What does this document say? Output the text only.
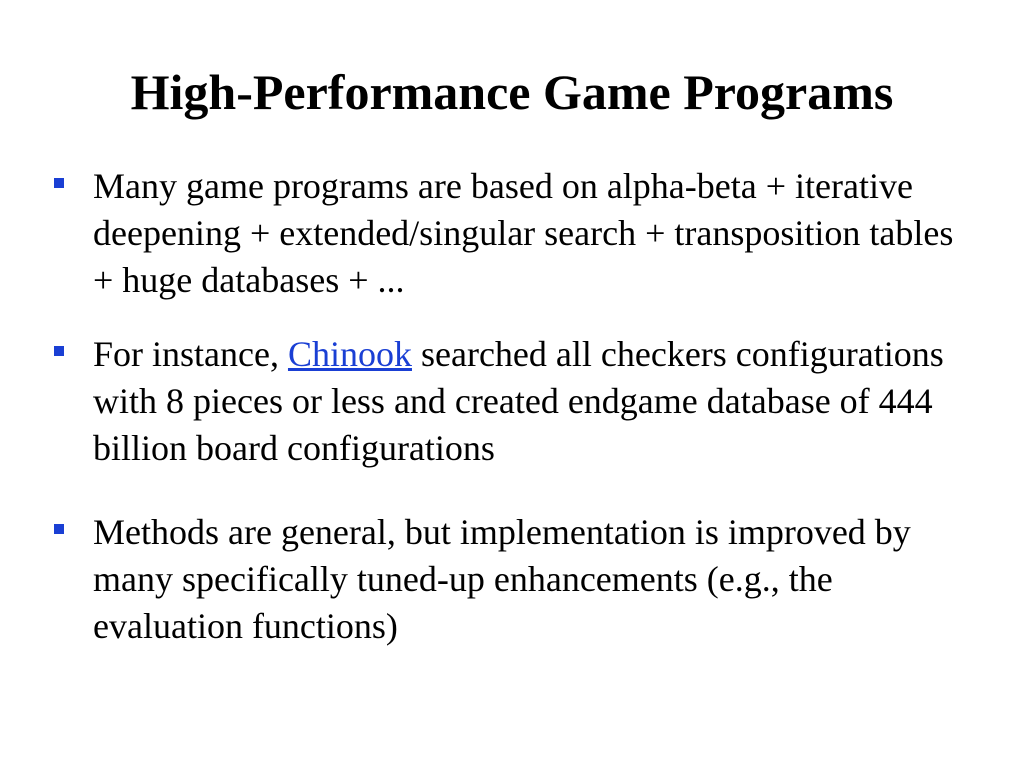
High-Performance Game Programs
Many game programs are based on alpha-beta + iterative deepening + extended/singular search + transposition tables + huge databases + ...
For instance, Chinook searched all checkers configurations with 8 pieces or less and created endgame database of 444 billion board configurations
Methods are general, but implementation is improved by many specifically tuned-up enhancements (e.g., the evaluation functions)
